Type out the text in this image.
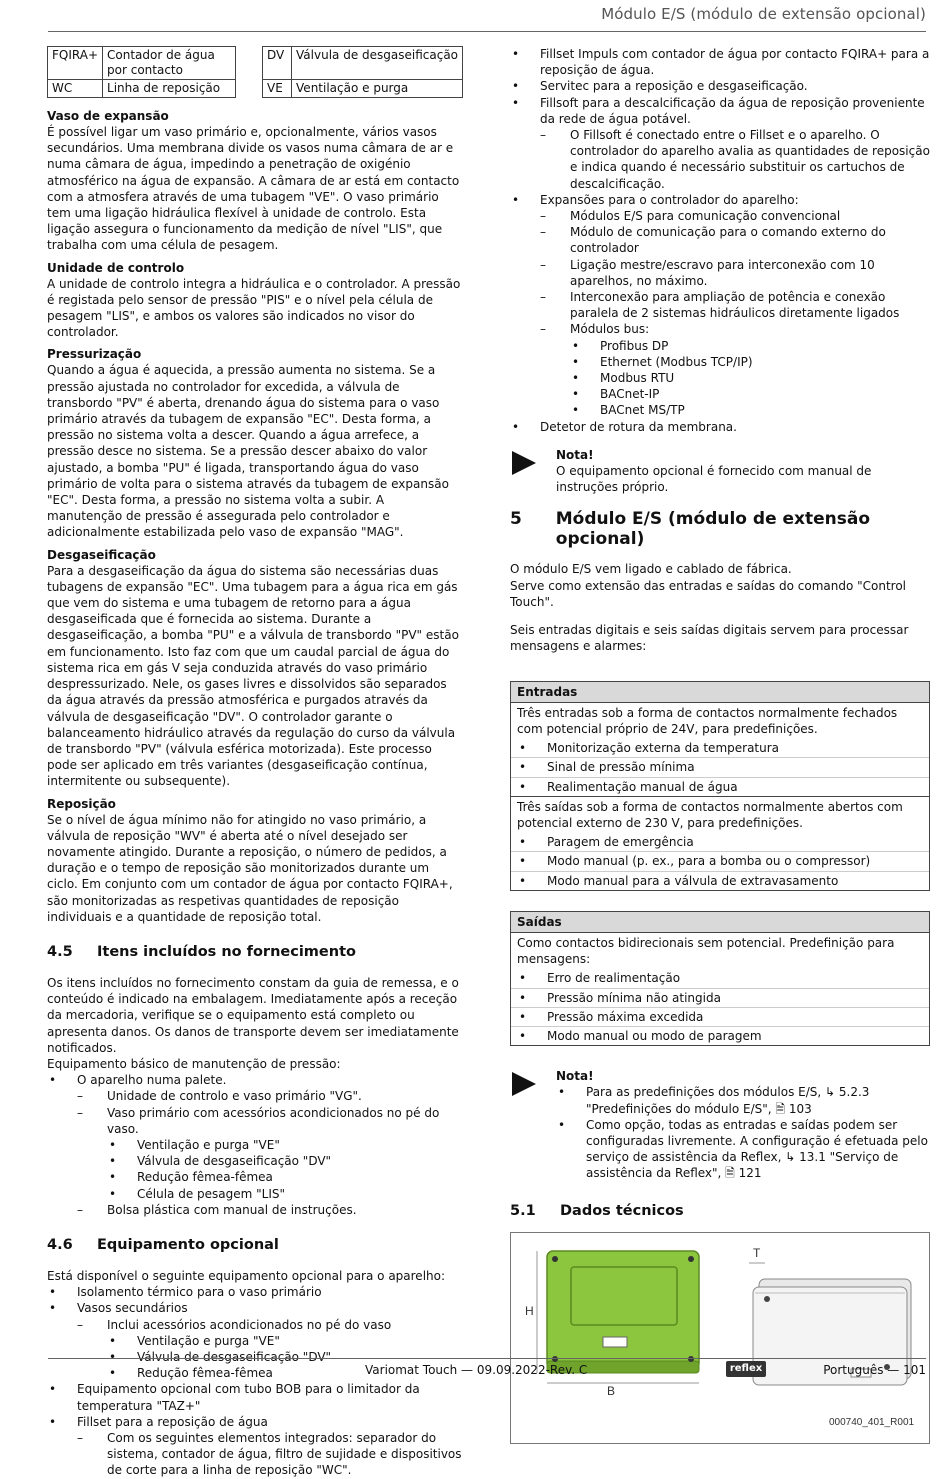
Módulo E/S (módulo de extensão opcional)
FQIRA+	Contador de água por contacto
WC	Linha de reposição
DV	Válvula de desgaseificação
VE	Ventilação e purga
Vaso de expansão

É possível ligar um vaso primário e, opcionalmente, vários vasos secundários. Uma membrana divide os vasos numa câmara de ar e numa câmara de água, impedindo a penetração de oxigénio atmosférico na água de expansão. A câmara de ar está em contacto com a atmosfera através de uma tubagem "VE". O vaso primário tem uma ligação hidráulica flexível à unidade de controlo. Esta ligação assegura o funcionamento da medição de nível "LIS", que trabalha com uma célula de pesagem.

Unidade de controlo

A unidade de controlo integra a hidráulica e o controlador. A pressão é registada pelo sensor de pressão "PIS" e o nível pela célula de pesagem "LIS", e ambos os valores são indicados no visor do controlador.

Pressurização

Quando a água é aquecida, a pressão aumenta no sistema. Se a pressão ajustada no controlador for excedida, a válvula de transbordo "PV" é aberta, drenando água do sistema para o vaso primário através da tubagem de expansão "EC". Desta forma, a pressão no sistema volta a descer. Quando a água arrefece, a pressão desce no sistema. Se a pressão descer abaixo do valor ajustado, a bomba "PU" é ligada, transportando água do vaso primário de volta para o sistema através da tubagem de expansão "EC". Desta forma, a pressão no sistema volta a subir. A manutenção de pressão é assegurada pelo controlador e adicionalmente estabilizada pelo vaso de expansão "MAG".

Desgaseificação

Para a desgaseificação da água do sistema são necessárias duas tubagens de expansão "EC". Uma tubagem para a água rica em gás que vem do sistema e uma tubagem de retorno para a água desgaseificada que é fornecida ao sistema. Durante a desgaseificação, a bomba "PU" e a válvula de transbordo "PV" estão em funcionamento. Isto faz com que um caudal parcial de água do sistema rica em gás V seja conduzida através do vaso primário despressurizado. Nele, os gases livres e dissolvidos são separados da água através da pressão atmosférica e purgados através da válvula de desgaseificação "DV". O controlador garante o balanceamento hidráulico através da regulação do curso da válvula de transbordo "PV" (válvula esférica motorizada). Este processo pode ser aplicado em três variantes (desgaseificação contínua, intermitente ou subsequente).

Reposição

Se o nível de água mínimo não for atingido no vaso primário, a válvula de reposição "WV" é aberta até o nível desejado ser novamente atingido. Durante a reposição, o número de pedidos, a duração e o tempo de reposição são monitorizados durante um ciclo. Em conjunto com um contador de água por contacto FQIRA+, são monitorizadas as respetivas quantidades de reposição individuais e a quantidade de reposição total.

4.5	Itens incluídos no fornecimento

Os itens incluídos no fornecimento constam da guia de remessa, e o conteúdo é indicado na embalagem. Imediatamente após a receção da mercadoria, verifique se o equipamento está completo ou apresenta danos. Os danos de transporte devem ser imediatamente notificados.

Equipamento básico de manutenção de pressão:

• O aparelho numa palete.
– Unidade de controlo e vaso primário "VG".
– Vaso primário com acessórios acondicionados no pé do vaso.
• Ventilação e purga "VE"
• Válvula de desgaseificação "DV"
• Redução fêmea-fêmea
• Célula de pesagem "LIS"
– Bolsa plástica com manual de instruções.
4.6	Equipamento opcional

Está disponível o seguinte equipamento opcional para o aparelho:

• Isolamento térmico para o vaso primário
• Vasos secundários
– Inclui acessórios acondicionados no pé do vaso
• Ventilação e purga "VE"
• Válvula de desgaseificação "DV"
• Redução fêmea-fêmea
• Equipamento opcional com tubo BOB para o limitador da temperatura "TAZ+"
• Fillset para a reposição de água
– Com os seguintes elementos integrados: separador do sistema, contador de água, filtro de sujidade e dispositivos de corte para a linha de reposição "WC".
• Fillset Impuls com contador de água por contacto FQIRA+ para a reposição de água.
• Servitec para a reposição e desgaseificação.
• Fillsoft para a descalcificação da água de reposição proveniente da rede de água potável.
– O Fillsoft é conectado entre o Fillset e o aparelho. O controlador do aparelho avalia as quantidades de reposição e indica quando é necessário substituir os cartuchos de descalcificação.
• Expansões para o controlador do aparelho:
– Módulos E/S para comunicação convencional
– Módulo de comunicação para o comando externo do controlador
– Ligação mestre/escravo para interconexão com 10 aparelhos, no máximo.
– Interconexão para ampliação de potência e conexão paralela de 2 sistemas hidráulicos diretamente ligados
– Módulos bus:
• Profibus DP
• Ethernet (Modbus TCP/IP)
• Modbus RTU
• BACnet-IP
• BACnet MS/TP
• Detetor de rotura da membrana.
Nota!
O equipamento opcional é fornecido com manual de instruções próprio.
5	Módulo E/S (módulo de extensão opcional)

O módulo E/S vem ligado e cablado de fábrica.

Serve como extensão das entradas e saídas do comando "Control Touch".

Seis entradas digitais e seis saídas digitais servem para processar mensagens e alarmes:

Entradas
Três entradas sob a forma de contactos normalmente fechados com potencial próprio de 24V, para predefinições.
• Monitorização externa da temperatura
• Sinal de pressão mínima
• Realimentação manual de água
Três saídas sob a forma de contactos normalmente abertos com potencial externo de 230 V, para predefinições.
• Paragem de emergência
• Modo manual (p. ex., para a bomba ou o compressor)
• Modo manual para a válvula de extravasamento
Saídas
Como contactos bidirecionais sem potencial. Predefinição para mensagens:
• Erro de realimentação
• Pressão mínima não atingida
• Pressão máxima excedida
• Modo manual ou modo de paragem
Nota!
• Para as predefinições dos módulos E/S, ↳ 5.2.3 "Predefinições do módulo E/S", 🗎 103
• Como opção, todas as entradas e saídas podem ser configuradas livremente. A configuração é efetuada pelo serviço de assistência da Reflex, ↳ 13.1 "Serviço de assistência da Reflex", 🗎 121
5.1	Dados técnicos
H
B
T
000740_401_R001
Variomat Touch — 09.09.2022-Rev. C	reflex	Português — 101
